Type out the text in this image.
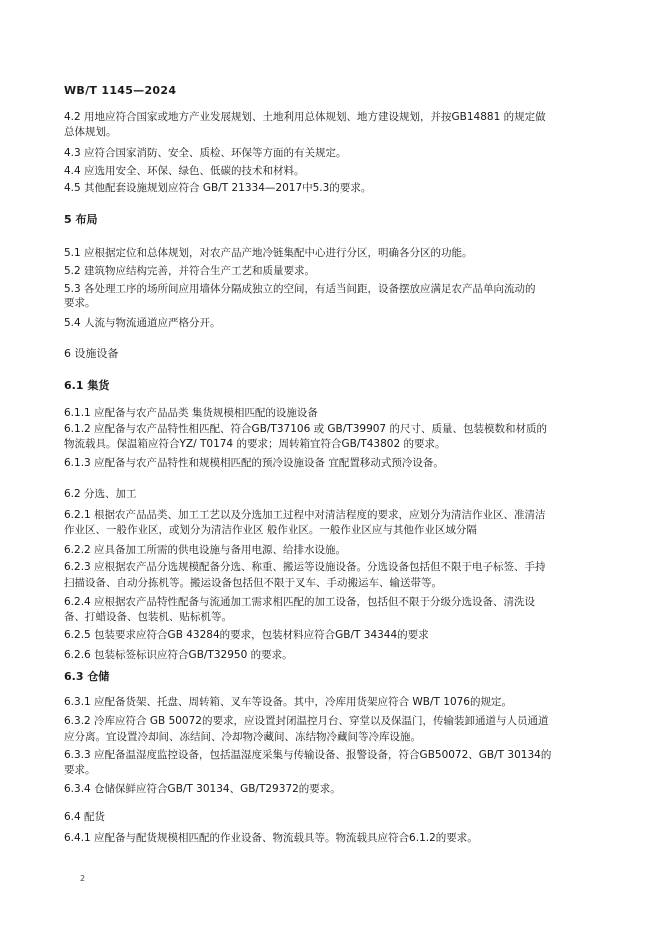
WB/T 1145—2024
4.2 用地应符合国家或地方产业发展规划、土地利用总体规划、地方建设规划，并按GB14881 的规定做
总体规划。
4.3 应符合国家消防、安全、质检、环保等方面的有关规定。
4.4 应选用安全、环保、绿色、低碳的技术和材料。
4.5 其他配套设施规划应符合 GB/T 21334—2017中5.3的要求。
5 布局
5.1 应根据定位和总体规划，对农产品产地冷链集配中心进行分区，明确各分区的功能。
5.2 建筑物应结构完善，并符合生产工艺和质量要求。
5.3 各处理工序的场所间应用墙体分隔成独立的空间，有适当间距，设备摆放应满足农产品单向流动的
要求。
5.4 人流与物流通道应严格分开。
6 设施设备
6.1 集货
6.1.1 应配备与农产品品类 集货规模相匹配的设施设备
6.1.2 应配备与农产品特性相匹配、符合GB/T37106 或 GB/T39907 的尺寸、质量、包装模数和材质的
物流载具。保温箱应符合YZ/ T0174 的要求；周转箱宜符合GB/T43802 的要求。
6.1.3 应配备与农产品特性和规模相匹配的预冷设施设备 宜配置移动式预冷设备。
6.2 分选、加工
6.2.1 根据农产品品类、加工工艺以及分选加工过程中对清洁程度的要求，应划分为清洁作业区、准清洁
作业区、一般作业区，或划分为清洁作业区 般作业区。一般作业区应与其他作业区域分隔
6.2.2 应具备加工所需的供电设施与备用电源、给排水设施。
6.2.3 应根据农产品分选规模配备分选、称重、搬运等设施设备。分选设备包括但不限于电子标签、手持
扫描设备、自动分拣机等。搬运设备包括但不限于叉车、手动搬运车、输送带等。
6.2.4 应根据农产品特性配备与流通加工需求相匹配的加工设备，包括但不限于分级分选设备、清洗设
备、打蜡设备、包装机、贴标机等。
6.2.5 包装要求应符合GB 43284的要求，包装材料应符合GB/T 34344的要求
6.2.6 包装标签标识应符合GB/T32950 的要求。
6.3 仓储
6.3.1 应配备货架、托盘、周转箱、叉车等设备。其中，冷库用货架应符合 WB/T 1076的规定。
6.3.2 冷库应符合 GB 50072的要求，应设置封闭温控月台、穿堂以及保温门，传输装卸通道与人员通道
应分离。宜设置冷却间、冻结间、冷却物冷藏间、冻结物冷藏间等冷库设施。
6.3.3 应配备温湿度监控设备，包括温湿度采集与传输设备、报警设备，符合GB50072、GB/T 30134的
要求。
6.3.4 仓储保鲜应符合GB/T 30134、GB/T29372的要求。
6.4 配货
6.4.1 应配备与配货规模相匹配的作业设备、物流载具等。物流载具应符合6.1.2的要求。
2
